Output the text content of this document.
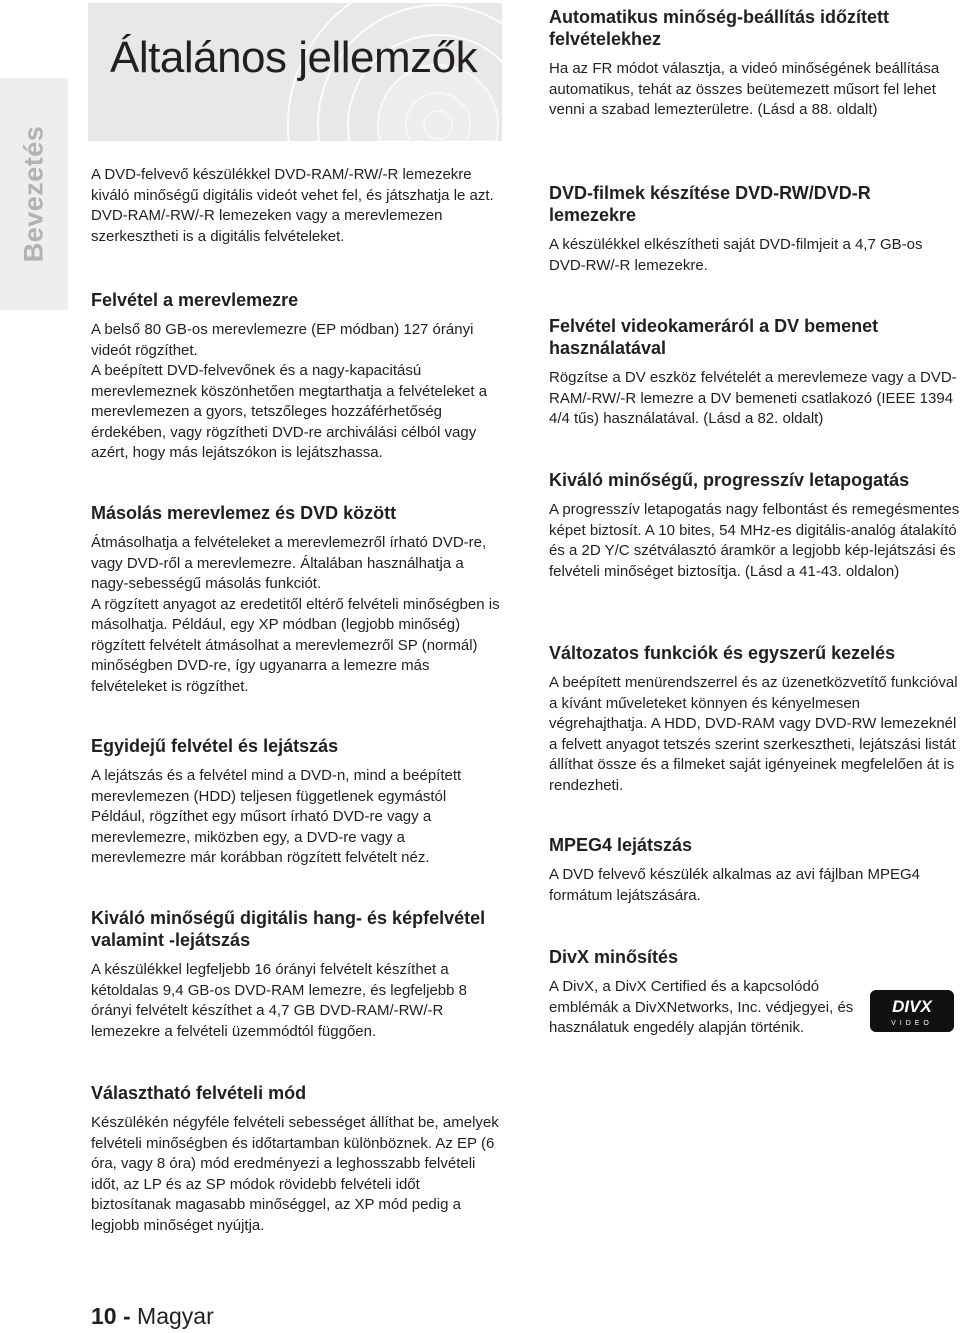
Bevezetés
Általános jellemzők

A DVD-felvevő készülékkel DVD-RAM/-RW/-R lemezekre kiváló minőségű digitális videót vehet fel, és játszhatja le azt. DVD-RAM/-RW/-R lemezeken vagy a merevlemezen szerkesztheti is a digitális felvételeket.

Felvétel a merevlemezre

A belső 80 GB-os merevlemezre (EP módban) 127 órányi videót rögzíthet.

A beépített DVD-felvevőnek és a nagy-kapacitású merevlemeznek köszönhetően megtarthatja a felvételeket a merevlemezen a gyors, tetszőleges hozzáférhetőség érdekében, vagy rögzítheti DVD-re archiválási célból vagy azért, hogy más lejátszókon is lejátszhassa.

Másolás merevlemez és DVD között

Átmásolhatja a felvételeket a merevlemezről írható DVD-re, vagy DVD-ről a merevlemezre. Általában használhatja a nagy-sebességű másolás funkciót.

A rögzített anyagot az eredetitől eltérő felvételi minőségben is másolhatja. Például, egy XP módban (legjobb minőség) rögzített felvételt átmásolhat a merevlemezről SP (normál) minőségben DVD-re, így ugyanarra a lemezre más felvételeket is rögzíthet.

Egyidejű felvétel és lejátszás

A lejátszás és a felvétel mind a DVD-n, mind a beépített merevlemezen (HDD) teljesen függetlenek egymástól Például, rögzíthet egy műsort írható DVD-re vagy a merevlemezre, miközben egy, a DVD-re vagy a merevlemezre már korábban rögzített felvételt néz.

Kiváló minőségű digitális hang- és képfelvétel valamint -lejátszás

A készülékkel legfeljebb 16 órányi felvételt készíthet a kétoldalas 9,4 GB-os DVD-RAM lemezre, és legfeljebb 8 órányi felvételt készíthet a 4,7 GB DVD-RAM/-RW/-R lemezekre a felvételi üzemmódtól függően.

Választható felvételi mód

Készülékén négyféle felvételi sebességet állíthat be, amelyek felvételi minőségben és időtartamban különböznek. Az EP (6 óra, vagy 8 óra) mód eredményezi a leghosszabb felvételi időt, az LP és az SP módok rövidebb felvételi időt biztosítanak magasabb minőséggel, az XP mód pedig a legjobb minőséget nyújtja.

Automatikus minőség-beállítás időzített felvételekhez

Ha az FR módot választja, a videó minőségének beállítása automatikus, tehát az összes beütemezett műsort fel lehet venni a szabad lemezterületre. (Lásd a 88. oldalt)

DVD-filmek készítése DVD-RW/DVD-R lemezekre

A készülékkel elkészítheti saját DVD-filmjeit a 4,7 GB-os DVD-RW/-R lemezekre.

Felvétel videokameráról a DV bemenet használatával

Rögzítse a DV eszköz felvételét a merevlemeze vagy a DVD-RAM/-RW/-R lemezre a DV bemeneti csatlakozó (IEEE 1394 4/4 tűs) használatával. (Lásd a 82. oldalt)

Kiváló minőségű, progresszív letapogatás

A progresszív letapogatás nagy felbontást és remegésmentes képet biztosít. A 10 bites, 54 MHz-es digitális-analóg átalakító és a 2D Y/C szétválasztó áramkör a legjobb kép-lejátszási és felvételi minőséget biztosítja. (Lásd a 41-43. oldalon)

Változatos funkciók és egyszerű kezelés

A beépített menürendszerrel és az üzenetközvetítő funkcióval a kívánt műveleteket könnyen és kényelmesen végrehajthatja. A HDD, DVD-RAM vagy DVD-RW lemezeknél a felvett anyagot tetszés szerint szerkesztheti, lejátszási listát állíthat össze és a filmeket saját igényeinek megfelelően át is rendezheti.

MPEG4 lejátszás

A DVD felvevő készülék alkalmas az avi fájlban MPEG4 formátum lejátszására.

DivX minősítés

A DivX, a DivX Certified és a kapcsolódó emblémák a DivXNetworks, Inc. védjegyei, és használatuk engedély alapján történik.

DIVX
VIDEO
10 - Magyar
